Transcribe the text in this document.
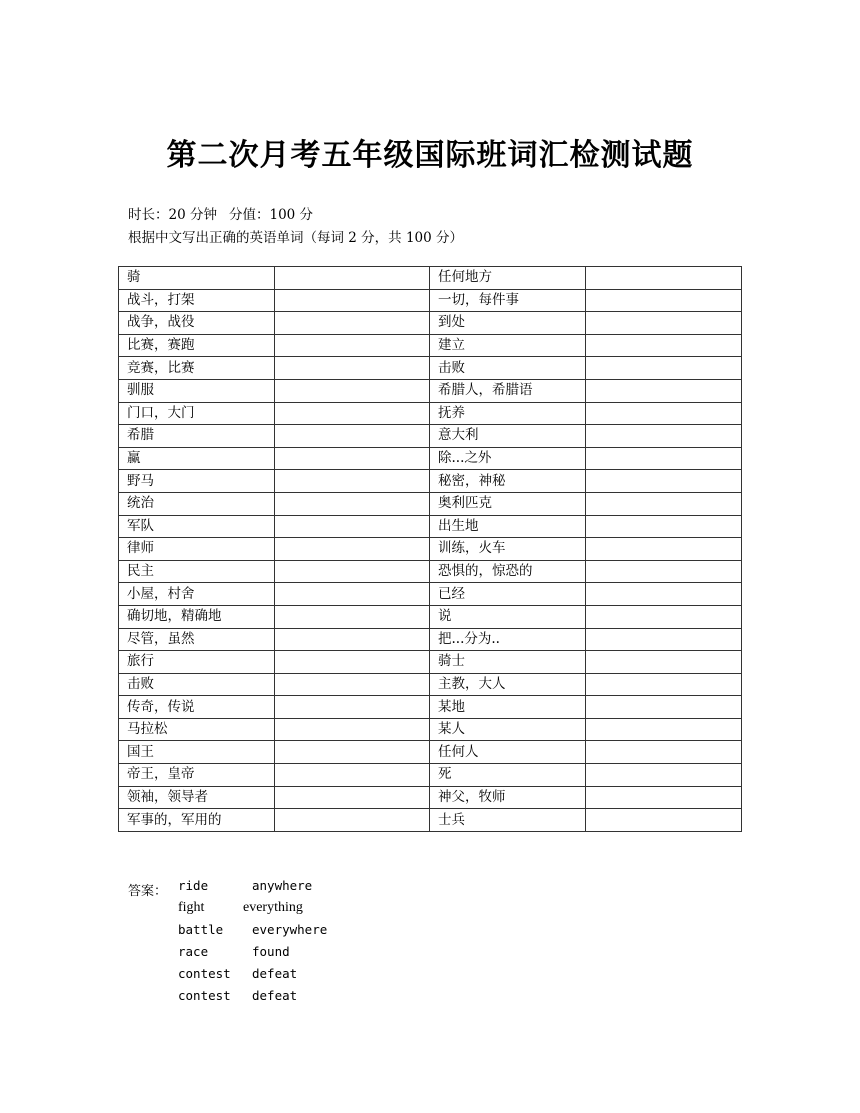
第二次月考五年级国际班词汇检测试题
时长：20 分钟 分值：100 分
根据中文写出正确的英语单词（每词 2 分，共 100 分）
骑		任何地方	
战斗，打架		一切，每件事	
战争，战役		到处	
比赛，赛跑		建立	
竞赛，比赛		击败	
驯服		希腊人，希腊语	
门口，大门		抚养	
希腊		意大利	
赢		除...之外	
野马		秘密，神秘	
统治		奥利匹克	
军队		出生地	
律师		训练，火车	
民主		恐惧的，惊恐的	
小屋，村舍		已经	
确切地，精确地		说	
尽管，虽然		把...分为..	
旅行		骑士	
击败		主教，大人	
传奇，传说		某地	
马拉松		某人	
国王		任何人	
帝王，皇帝		死	
领袖，领导者		神父，牧师	
军事的，军用的		士兵	
答案： ride	anywhere
fight	everything
battle everywhere
race	found
contest defeat
contest defeat
